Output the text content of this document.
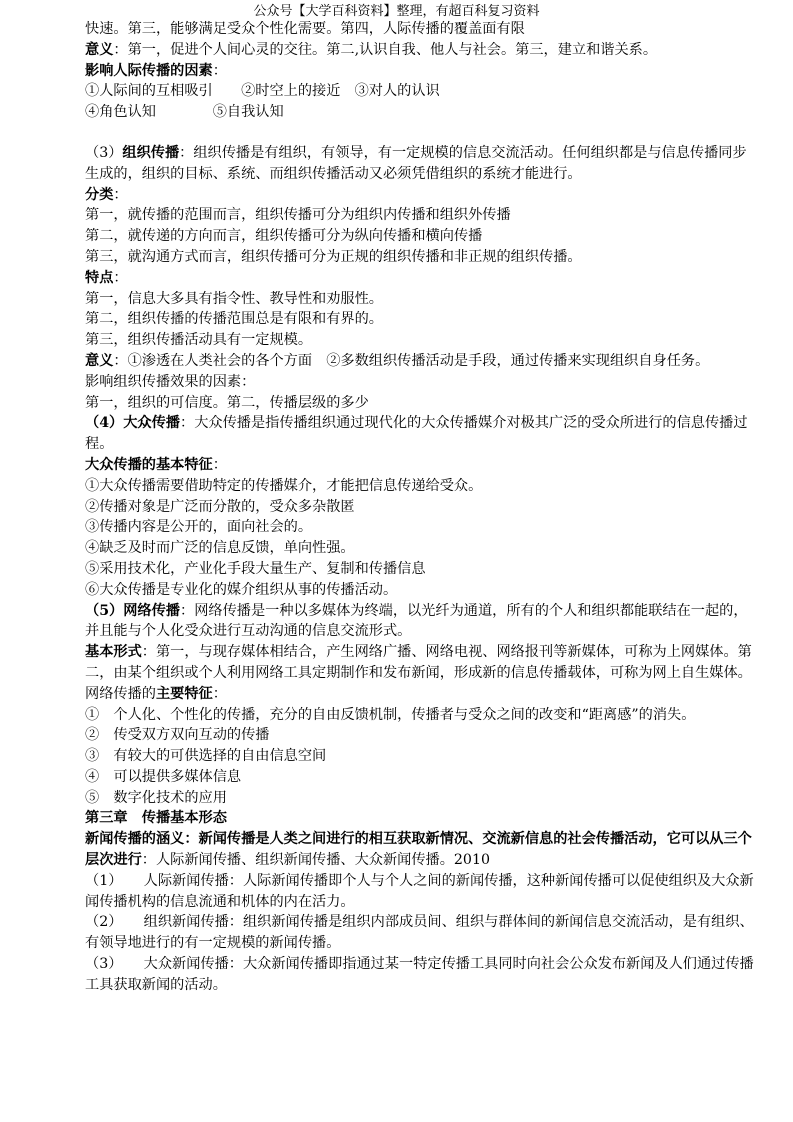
公众号【大学百科资料】整理，有超百科复习资料
快速。第三，能够满足受众个性化需要。第四，人际传播的覆盖面有限
意义：第一，促进个人间心灵的交往。第二,认识自我、他人与社会。第三，建立和谐关系。
影响人际传播的因素：
①人际间的互相吸引　　②时空上的接近　③对人的认识
④角色认知　　　　⑤自我认知
（3）组织传播：组织传播是有组织，有领导，有一定规模的信息交流活动。任何组织都是与信息传播同步生成的，组织的目标、系统、而组织传播活动又必须凭借组织的系统才能进行。
分类：
第一，就传播的范围而言，组织传播可分为组织内传播和组织外传播
第二，就传递的方向而言，组织传播可分为纵向传播和横向传播
第三，就沟通方式而言，组织传播可分为正规的组织传播和非正规的组织传播。
特点：
第一，信息大多具有指令性、教导性和劝服性。
第二，组织传播的传播范围总是有限和有界的。
第三，组织传播活动具有一定规模。
意义：①渗透在人类社会的各个方面　②多数组织传播活动是手段，通过传播来实现组织自身任务。
影响组织传播效果的因素：
第一，组织的可信度。第二，传播层级的多少
（4）大众传播：大众传播是指传播组织通过现代化的大众传播媒介对极其广泛的受众所进行的信息传播过程。
大众传播的基本特征：
①大众传播需要借助特定的传播媒介，才能把信息传递给受众。
②传播对象是广泛而分散的，受众多杂散匿
③传播内容是公开的，面向社会的。
④缺乏及时而广泛的信息反馈，单向性强。
⑤采用技术化，产业化手段大量生产、复制和传播信息
⑥大众传播是专业化的媒介组织从事的传播活动。
（5）网络传播：网络传播是一种以多媒体为终端，以光纤为通道，所有的个人和组织都能联结在一起的，并且能与个人化受众进行互动沟通的信息交流形式。
基本形式：第一，与现存媒体相结合，产生网络广播、网络电视、网络报刊等新媒体，可称为上网媒体。第二，由某个组织或个人利用网络工具定期制作和发布新闻，形成新的信息传播载体，可称为网上自生媒体。
网络传播的主要特征：
①　个人化、个性化的传播，充分的自由反馈机制，传播者与受众之间的改变和“距离感”的消失。
②　传受双方双向互动的传播
③　有较大的可供选择的自由信息空间
④　可以提供多媒体信息
⑤　数字化技术的应用
第三章　传播基本形态
新闻传播的涵义：新闻传播是人类之间进行的相互获取新情况、交流新信息的社会传播活动，它可以从三个层次进行：人际新闻传播、组织新闻传播、大众新闻传播。2010
（1）　　人际新闻传播：人际新闻传播即个人与个人之间的新闻传播，这种新闻传播可以促使组织及大众新闻传播机构的信息流通和机体的内在活力。
（2）　　组织新闻传播：组织新闻传播是组织内部成员间、组织与群体间的新闻信息交流活动，是有组织、有领导地进行的有一定规模的新闻传播。
（3）　　大众新闻传播：大众新闻传播即指通过某一特定传播工具同时向社会公众发布新闻及人们通过传播工具获取新闻的活动。
